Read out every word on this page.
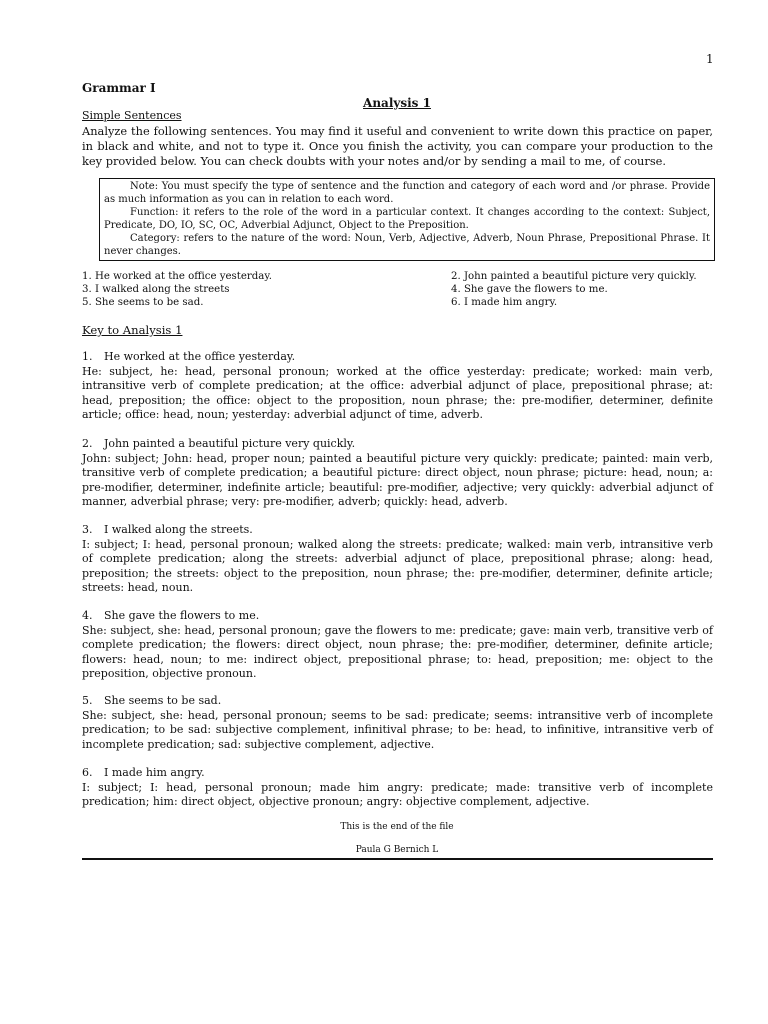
1
Grammar I
Analysis 1
Simple Sentences

Analyze the following sentences. You may find it useful and convenient to write down this practice on paper, in black and white, and not to type it. Once you finish the activity, you can compare your production to the key provided below. You can check doubts with your notes and/or by sending a mail to me, of course.

Note: You must specify the type of sentence and the function and category of each word and /or phrase. Provide as much information as you can in relation to each word.

Function: it refers to the role of the word in a particular context. It changes according to the context: Subject, Predicate, DO, IO, SC, OC, Adverbial Adjunct, Object to the Preposition.

Category: refers to the nature of the word: Noun, Verb, Adjective, Adverb, Noun Phrase, Prepositional Phrase. It never changes.

1. He worked at the office yesterday.	2. John painted a beautiful picture very quickly.
3. I walked along the streets	4. She gave the flowers to me.
5. She seems to be sad.	6. I made him angry.
Key to Analysis 1

1. He worked at the office yesterday.

He: subject, he: head, personal pronoun; worked at the office yesterday: predicate; worked: main verb, intransitive verb of complete predication; at the office: adverbial adjunct of place, prepositional phrase; at: head, preposition; the office: object to the proposition, noun phrase; the: pre-modifier, determiner, definite article; office: head, noun; yesterday: adverbial adjunct of time, adverb.

2. John painted a beautiful picture very quickly.

John: subject; John: head, proper noun; painted a beautiful picture very quickly: predicate; painted: main verb, transitive verb of complete predication; a beautiful picture: direct object, noun phrase; picture: head, noun; a: pre-modifier, determiner, indefinite article; beautiful: pre-modifier, adjective; very quickly: adverbial adjunct of manner, adverbial phrase; very: pre-modifier, adverb; quickly: head, adverb.

3. I walked along the streets.

I: subject; I: head, personal pronoun; walked along the streets: predicate; walked: main verb, intransitive verb of complete predication; along the streets: adverbial adjunct of place, prepositional phrase; along: head, preposition; the streets: object to the preposition, noun phrase; the: pre-modifier, determiner, definite article; streets: head, noun.

4. She gave the flowers to me.

She: subject, she: head, personal pronoun; gave the flowers to me: predicate; gave: main verb, transitive verb of complete predication; the flowers: direct object, noun phrase; the: pre-modifier, determiner, definite article; flowers: head, noun; to me: indirect object, prepositional phrase; to: head, preposition; me: object to the preposition, objective pronoun.

5. She seems to be sad.

She: subject, she: head, personal pronoun; seems to be sad: predicate; seems: intransitive verb of incomplete predication; to be sad: subjective complement, infinitival phrase; to be: head, to infinitive, intransitive verb of incomplete predication; sad: subjective complement, adjective.

6. I made him angry.

I: subject; I: head, personal pronoun; made him angry: predicate; made: transitive verb of incomplete predication; him: direct object, objective pronoun; angry: objective complement, adjective.

This is the end of the file
Paula G Bernich L
